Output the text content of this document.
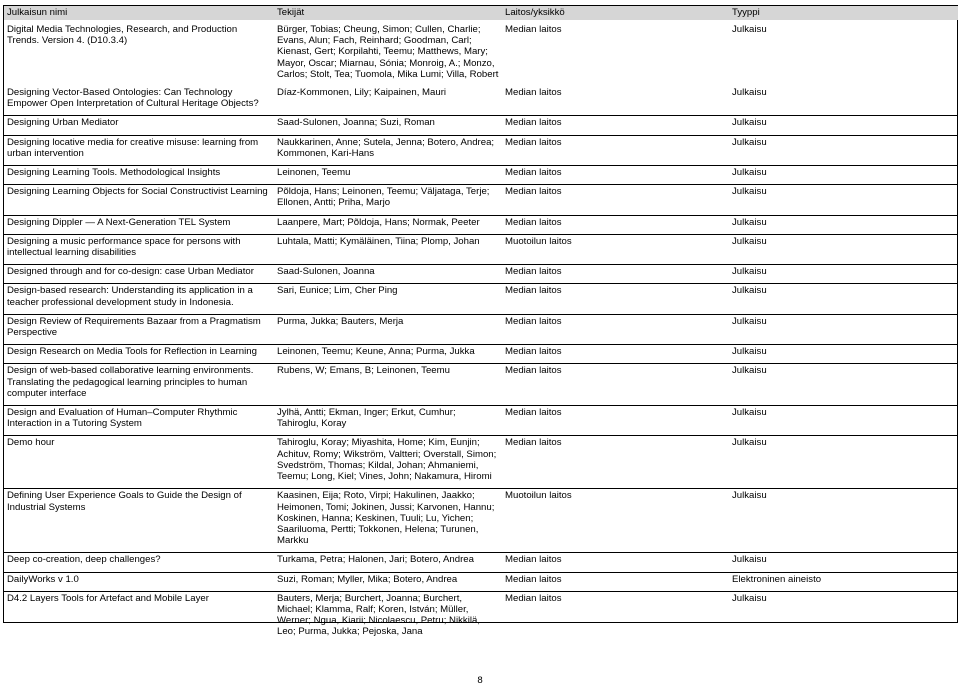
Julkaisun nimi	Tekijät	Laitos/yksikkö	Tyyppi
Digital Media Technologies, Research, and Production Trends. Version 4. (D10.3.4)	Bürger, Tobias; Cheung, Simon; Cullen, Charlie; Evans, Alun; Fach, Reinhard; Goodman, Carl; Kienast, Gert; Korpilahti, Teemu; Matthews, Mary; Mayor, Oscar; Miarnau, Sónia; Monroig, A.; Monzo, Carlos; Stolt, Tea; Tuomola, Mika Lumi; Villa, Robert	Median laitos	Julkaisu
Designing Vector-Based Ontologies: Can Technology Empower Open Interpretation of Cultural Heritage Objects?	Díaz-Kommonen, Lily; Kaipainen, Mauri	Median laitos	Julkaisu
Designing Urban Mediator	Saad-Sulonen, Joanna; Suzi, Roman	Median laitos	Julkaisu
Designing locative media for creative misuse: learning from urban intervention	Naukkarinen, Anne; Sutela, Jenna; Botero, Andrea; Kommonen, Kari-Hans	Median laitos	Julkaisu
Designing Learning Tools. Methodological Insights	Leinonen, Teemu	Median laitos	Julkaisu
Designing Learning Objects for Social Constructivist Learning	Põldoja, Hans; Leinonen, Teemu; Väljataga, Terje; Ellonen, Antti; Priha, Marjo	Median laitos	Julkaisu
Designing Dippler — A Next-Generation TEL System	Laanpere, Mart; Põldoja, Hans; Normak, Peeter	Median laitos	Julkaisu
Designing a music performance space for persons with intellectual learning disabilities	Luhtala, Matti; Kymäläinen, Tiina; Plomp, Johan	Muotoilun laitos	Julkaisu
Designed through and for co-design: case Urban Mediator	Saad-Sulonen, Joanna	Median laitos	Julkaisu
Design-based research: Understanding its application in a teacher professional development study in Indonesia.	Sari, Eunice; Lim, Cher Ping	Median laitos	Julkaisu
Design Review of Requirements Bazaar from a Pragmatism Perspective	Purma, Jukka; Bauters, Merja	Median laitos	Julkaisu
Design Research on Media Tools for Reflection in Learning	Leinonen, Teemu; Keune, Anna; Purma, Jukka	Median laitos	Julkaisu
Design of web-based collaborative learning environments. Translating the pedagogical learning principles to human computer interface	Rubens, W; Emans, B; Leinonen, Teemu	Median laitos	Julkaisu
Design and Evaluation of Human–Computer Rhythmic Interaction in a Tutoring System	Jylhä, Antti; Ekman, Inger; Erkut, Cumhur; Tahiroglu, Koray	Median laitos	Julkaisu
Demo hour	Tahiroglu, Koray; Miyashita, Home; Kim, Eunjin; Achituv, Romy; Wikström, Valtteri; Overstall, Simon; Svedström, Thomas; Kildal, Johan; Ahmaniemi, Teemu; Long, Kiel; Vines, John; Nakamura, Hiromi	Median laitos	Julkaisu
Defining User Experience Goals to Guide the Design of Industrial Systems	Kaasinen, Eija; Roto, Virpi; Hakulinen, Jaakko; Heimonen, Tomi; Jokinen, Jussi; Karvonen, Hannu; Koskinen, Hanna; Keskinen, Tuuli; Lu, Yichen; Saariluoma, Pertti; Tokkonen, Helena; Turunen, Markku	Muotoilun laitos	Julkaisu
Deep co-creation, deep challenges?	Turkama, Petra; Halonen, Jari; Botero, Andrea	Median laitos	Julkaisu
DailyWorks v 1.0	Suzi, Roman; Myller, Mika; Botero, Andrea	Median laitos	Elektroninen aineisto
D4.2 Layers Tools for Artefact and Mobile Layer	Bauters, Merja; Burchert, Joanna; Burchert, Michael; Klamma, Ralf; Koren, István; Müller, Werner; Ngua, Kiarii; Nicolaescu, Petru; Nikkilä, Leo; Purma, Jukka; Pejoska, Jana	Median laitos	Julkaisu
8
